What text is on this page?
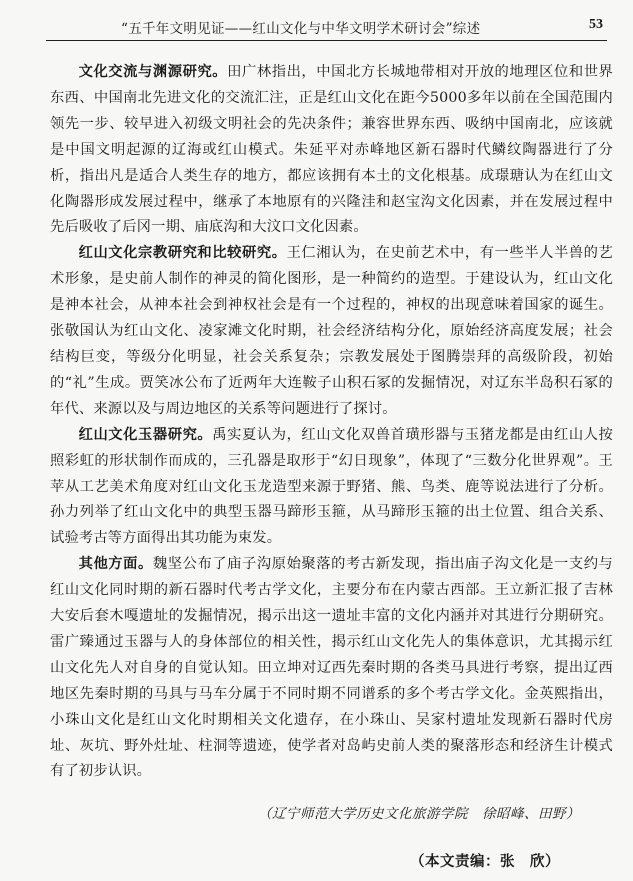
“五千年文明见证——红山文化与中华文明学术研讨会”综述	53

文化交流与渊源研究。田广林指出，中国北方长城地带相对开放的地理区位和世界东西、中国南北先进文化的交流汇注，正是红山文化在距今5000多年以前在全国范围内领先一步、较早进入初级文明社会的先决条件；兼容世界东西、吸纳中国南北，应该就是中国文明起源的辽海或红山模式。朱延平对赤峰地区新石器时代鳞纹陶器进行了分析，指出凡是适合人类生存的地方，都应该拥有本土的文化根基。成璟瑭认为在红山文化陶器形成发展过程中，继承了本地原有的兴隆洼和赵宝沟文化因素，并在发展过程中先后吸收了后冈一期、庙底沟和大汶口文化因素。

红山文化宗教研究和比较研究。王仁湘认为，在史前艺术中，有一些半人半兽的艺术形象，是史前人制作的神灵的简化图形，是一种简约的造型。于建设认为，红山文化是神本社会，从神本社会到神权社会是有一个过程的，神权的出现意味着国家的诞生。张敬国认为红山文化、凌家滩文化时期，社会经济结构分化，原始经济高度发展；社会结构巨变，等级分化明显，社会关系复杂；宗教发展处于图腾崇拜的高级阶段，初始的“礼”生成。贾笑冰公布了近两年大连鞍子山积石冢的发掘情况，对辽东半岛积石冢的年代、来源以及与周边地区的关系等问题进行了探讨。

红山文化玉器研究。禹实夏认为，红山文化双兽首璜形器与玉猪龙都是由红山人按照彩虹的形状制作而成的，三孔器是取形于“幻日现象”，体现了“三数分化世界观”。王苹从工艺美术角度对红山文化玉龙造型来源于野猪、熊、鸟类、鹿等说法进行了分析。孙力列举了红山文化中的典型玉器马蹄形玉箍，从马蹄形玉箍的出土位置、组合关系、试验考古等方面得出其功能为束发。

其他方面。魏坚公布了庙子沟原始聚落的考古新发现，指出庙子沟文化是一支约与红山文化同时期的新石器时代考古学文化，主要分布在内蒙古西部。王立新汇报了吉林大安后套木嘎遗址的发掘情况，揭示出这一遗址丰富的文化内涵并对其进行分期研究。雷广臻通过玉器与人的身体部位的相关性，揭示红山文化先人的集体意识，尤其揭示红山文化先人对自身的自觉认知。田立坤对辽西先秦时期的各类马具进行考察，提出辽西地区先秦时期的马具与马车分属于不同时期不同谱系的多个考古学文化。金英熙指出，小珠山文化是红山文化时期相关文化遗存，在小珠山、吴家村遗址发现新石器时代房址、灰坑、野外灶址、柱洞等遗迹，使学者对岛屿史前人类的聚落形态和经济生计模式有了初步认识。

（辽宁师范大学历史文化旅游学院　徐昭峰、田野）
（本文责编：张　欣）
